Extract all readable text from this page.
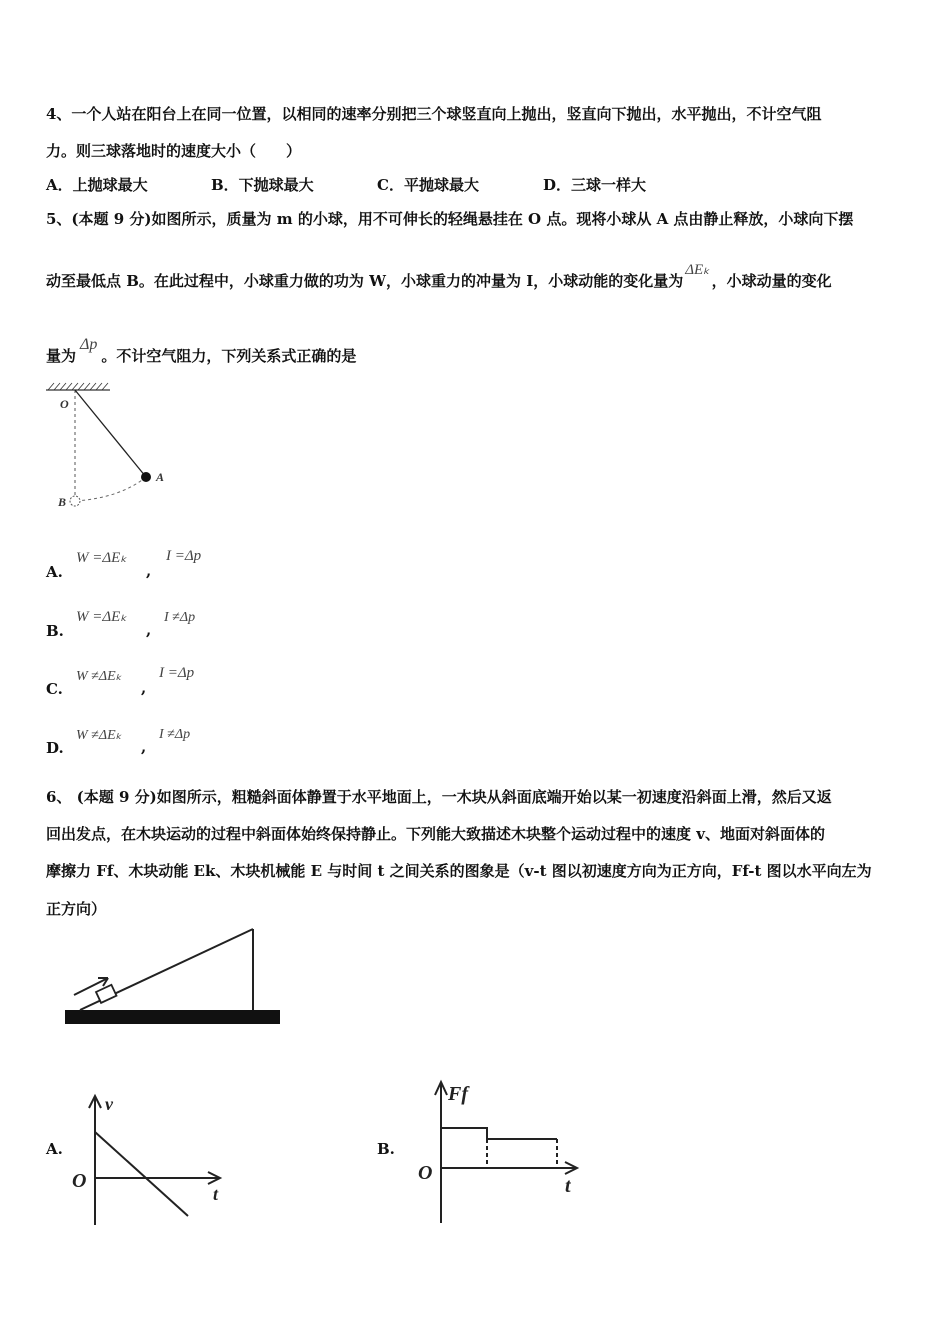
4、一个人站在阳台上在同一位置，以相同的速率分别把三个球竖直向上抛出，竖直向下抛出，水平抛出，不计空气阻
力。则三球落地时的速度大小（　　）
A．上抛球最大	B．下抛球最大	C．平抛球最大	D．三球一样大
5、(本题 9 分)如图所示，质量为 m 的小球，用不可伸长的轻绳悬挂在 O 点。现将小球从 A 点由静止释放，小球向下摆
动至最低点 B。在此过程中，小球重力做的功为 W，小球重力的冲量为 I，小球动能的变化量为ΔEₖ，小球动量的变化
量为Δp。不计空气阻力，下列关系式正确的是
O
A
B
A.
W =ΔEₖ
,
I =Δp
B.
W =ΔEₖ
,
I ≠Δp
C.
W ≠ΔEₖ
,
I =Δp
D.
W ≠ΔEₖ
,
I ≠Δp
6、 (本题 9 分)如图所示，粗糙斜面体静置于水平地面上，一木块从斜面底端开始以某一初速度沿斜面上滑，然后又返
回出发点，在木块运动的过程中斜面体始终保持静止。下列能大致描述木块整个运动过程中的速度 v、地面对斜面体的
摩擦力 Ff、木块动能 Ek、木块机械能 E 与时间 t 之间关系的图象是（v-t 图以初速度方向为正方向，Ff-t 图以水平向左为
正方向）
A.
v
t
O
B.
Ff
t
O
